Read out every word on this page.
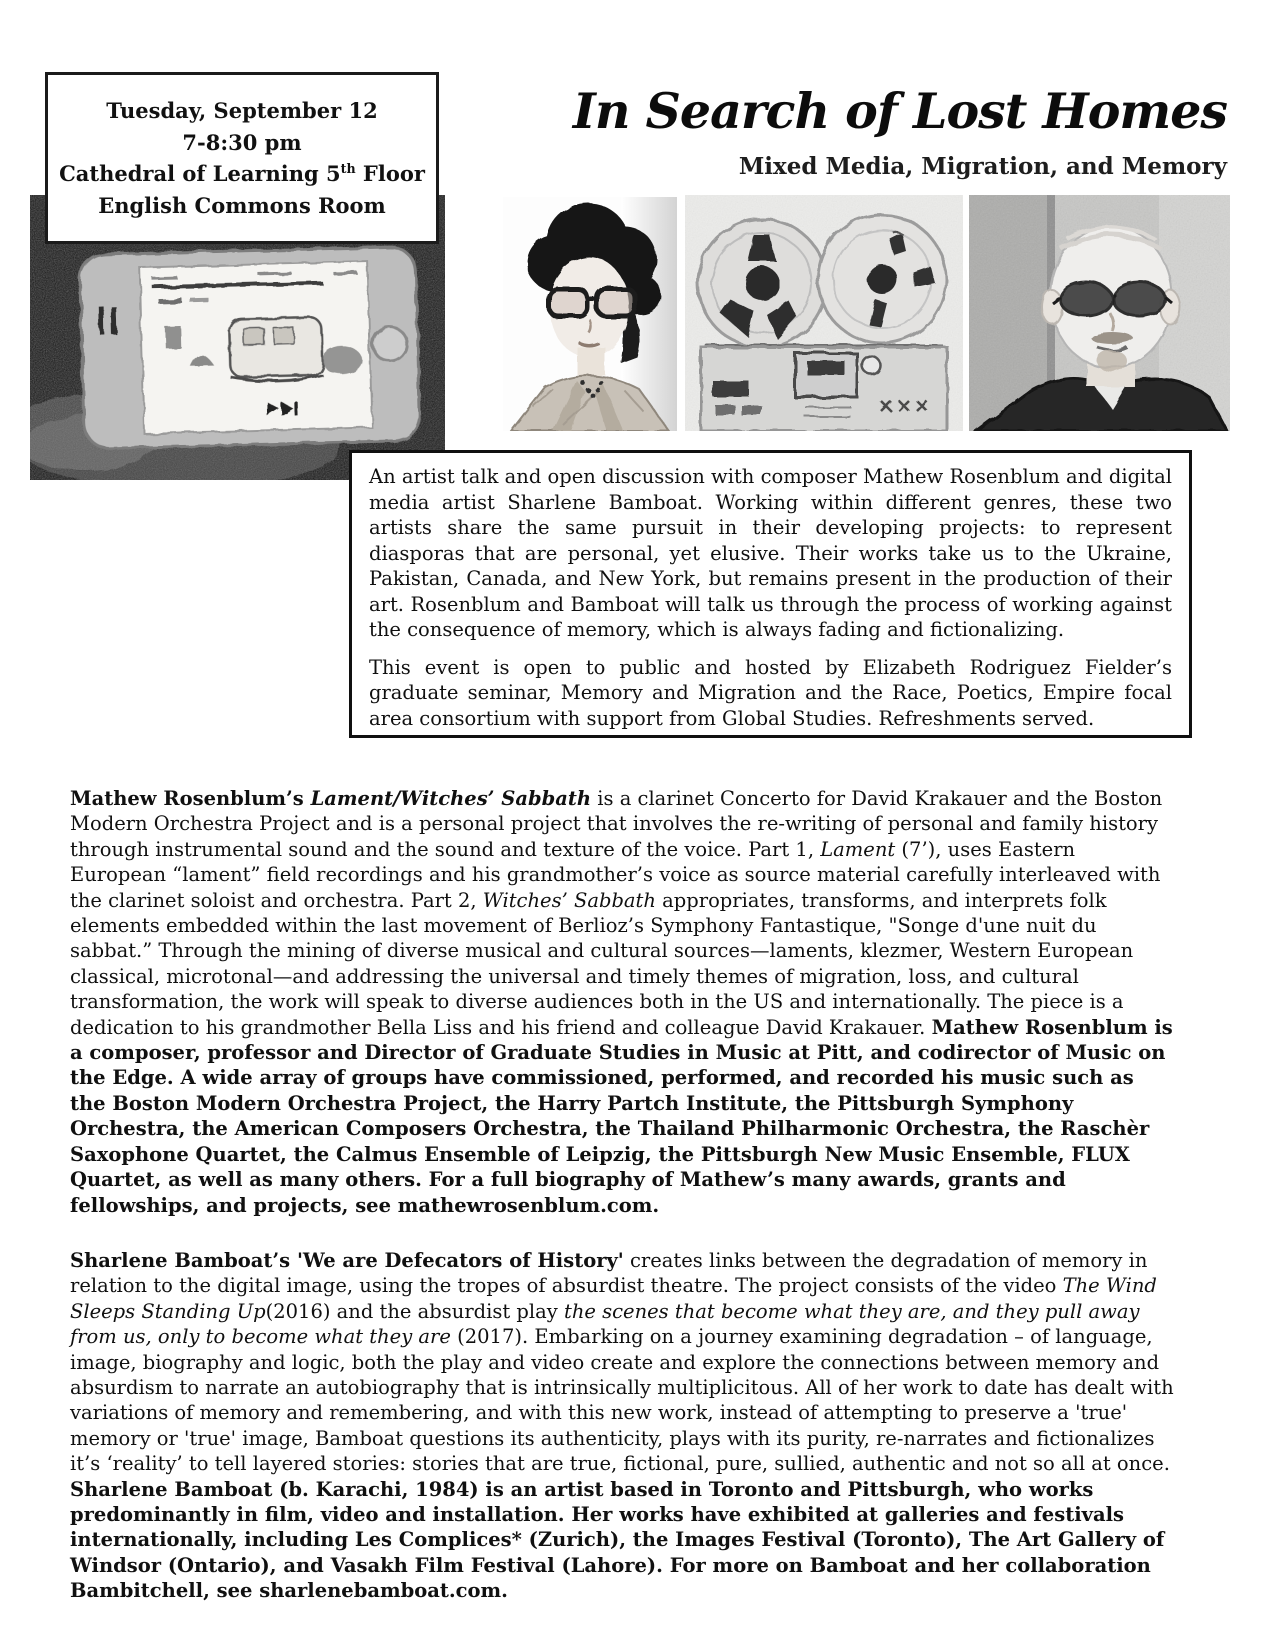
Tuesday, September 12
7-8:30 pm
Cathedral of Learning 5th Floor
English Commons Room
In Search of Lost Homes
Mixed Media, Migration, and Memory

An artist talk and open discussion with composer Mathew Rosenblum and digital media artist Sharlene Bamboat. Working within different genres, these two artists share the same pursuit in their developing projects: to represent diasporas that are personal, yet elusive. Their works take us to the Ukraine, Pakistan, Canada, and New York, but remains present in the production of their art. Rosenblum and Bamboat will talk us through the process of working against the consequence of memory, which is always fading and fictionalizing.

This event is open to public and hosted by Elizabeth Rodriguez Fielder’s graduate seminar, Memory and Migration and the Race, Poetics, Empire focal area consortium with support from Global Studies. Refreshments served.

Mathew Rosenblum’s Lament/Witches’ Sabbath is a clarinet Concerto for David Krakauer and the Boston Modern Orchestra Project and is a personal project that involves the re-writing of personal and family history through instrumental sound and the sound and texture of the voice. Part 1, Lament (7’), uses Eastern European “lament” field recordings and his grandmother’s voice as source material carefully interleaved with the clarinet soloist and orchestra. Part 2, Witches’ Sabbath appropriates, transforms, and interprets folk elements embedded within the last movement of Berlioz’s Symphony Fantastique, "Songe d'une nuit du sabbat.” Through the mining of diverse musical and cultural sources—laments, klezmer, Western European classical, microtonal—and addressing the universal and timely themes of migration, loss, and cultural transformation, the work will speak to diverse audiences both in the US and internationally. The piece is a dedication to his grandmother Bella Liss and his friend and colleague David Krakauer. Mathew Rosenblum is a composer, professor and Director of Graduate Studies in Music at Pitt, and codirector of Music on the Edge. A wide array of groups have commissioned, performed, and recorded his music such as the Boston Modern Orchestra Project, the Harry Partch Institute, the Pittsburgh Symphony Orchestra, the American Composers Orchestra, the Thailand Philharmonic Orchestra, the Raschèr Saxophone Quartet, the Calmus Ensemble of Leipzig, the Pittsburgh New Music Ensemble, FLUX Quartet, as well as many others. For a full biography of Mathew’s many awards, grants and fellowships, and projects, see mathewrosenblum.com.

Sharlene Bamboat’s 'We are Defecators of History' creates links between the degradation of memory in relation to the digital image, using the tropes of absurdist theatre. The project consists of the video The Wind Sleeps Standing Up(2016) and the absurdist play the scenes that become what they are, and they pull away from us, only to become what they are (2017). Embarking on a journey examining degradation – of language, image, biography and logic, both the play and video create and explore the connections between memory and absurdism to narrate an autobiography that is intrinsically multiplicitous. All of her work to date has dealt with variations of memory and remembering, and with this new work, instead of attempting to preserve a 'true' memory or 'true' image, Bamboat questions its authenticity, plays with its purity, re-narrates and fictionalizes it’s ‘reality’ to tell layered stories: stories that are true, fictional, pure, sullied, authentic and not so all at once. Sharlene Bamboat (b. Karachi, 1984) is an artist based in Toronto and Pittsburgh, who works predominantly in film, video and installation. Her works have exhibited at galleries and festivals internationally, including Les Complices* (Zurich), the Images Festival (Toronto), The Art Gallery of Windsor (Ontario), and Vasakh Film Festival (Lahore). For more on Bamboat and her collaboration Bambitchell, see sharlenebamboat.com.
